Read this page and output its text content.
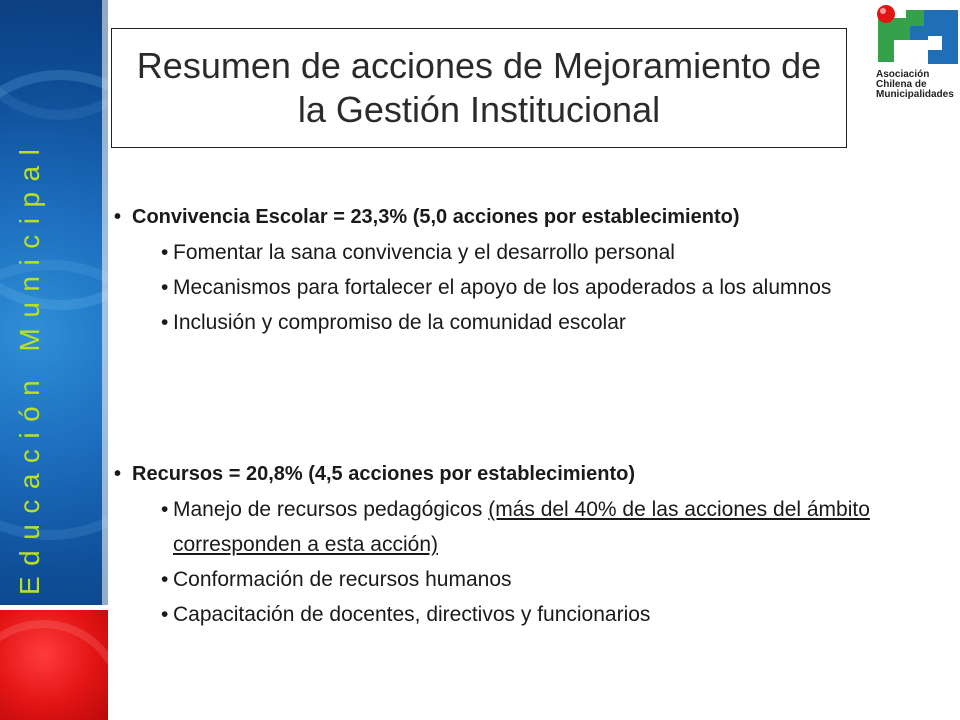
Educación Municipal
Resumen de acciones de Mejoramiento de la Gestión Institucional
Asociación
Chilena de
Municipalidades
• Convivencia Escolar = 23,3% (5,0 acciones por establecimiento)
• Fomentar la sana convivencia y el desarrollo personal
• Mecanismos para fortalecer el apoyo de los apoderados a los alumnos
• Inclusión y compromiso de la comunidad escolar
• Recursos = 20,8% (4,5 acciones por establecimiento)
• Manejo de recursos pedagógicos (más del 40% de las acciones del ámbito corresponden a esta acción)
• Conformación de recursos humanos
• Capacitación de docentes, directivos y funcionarios
